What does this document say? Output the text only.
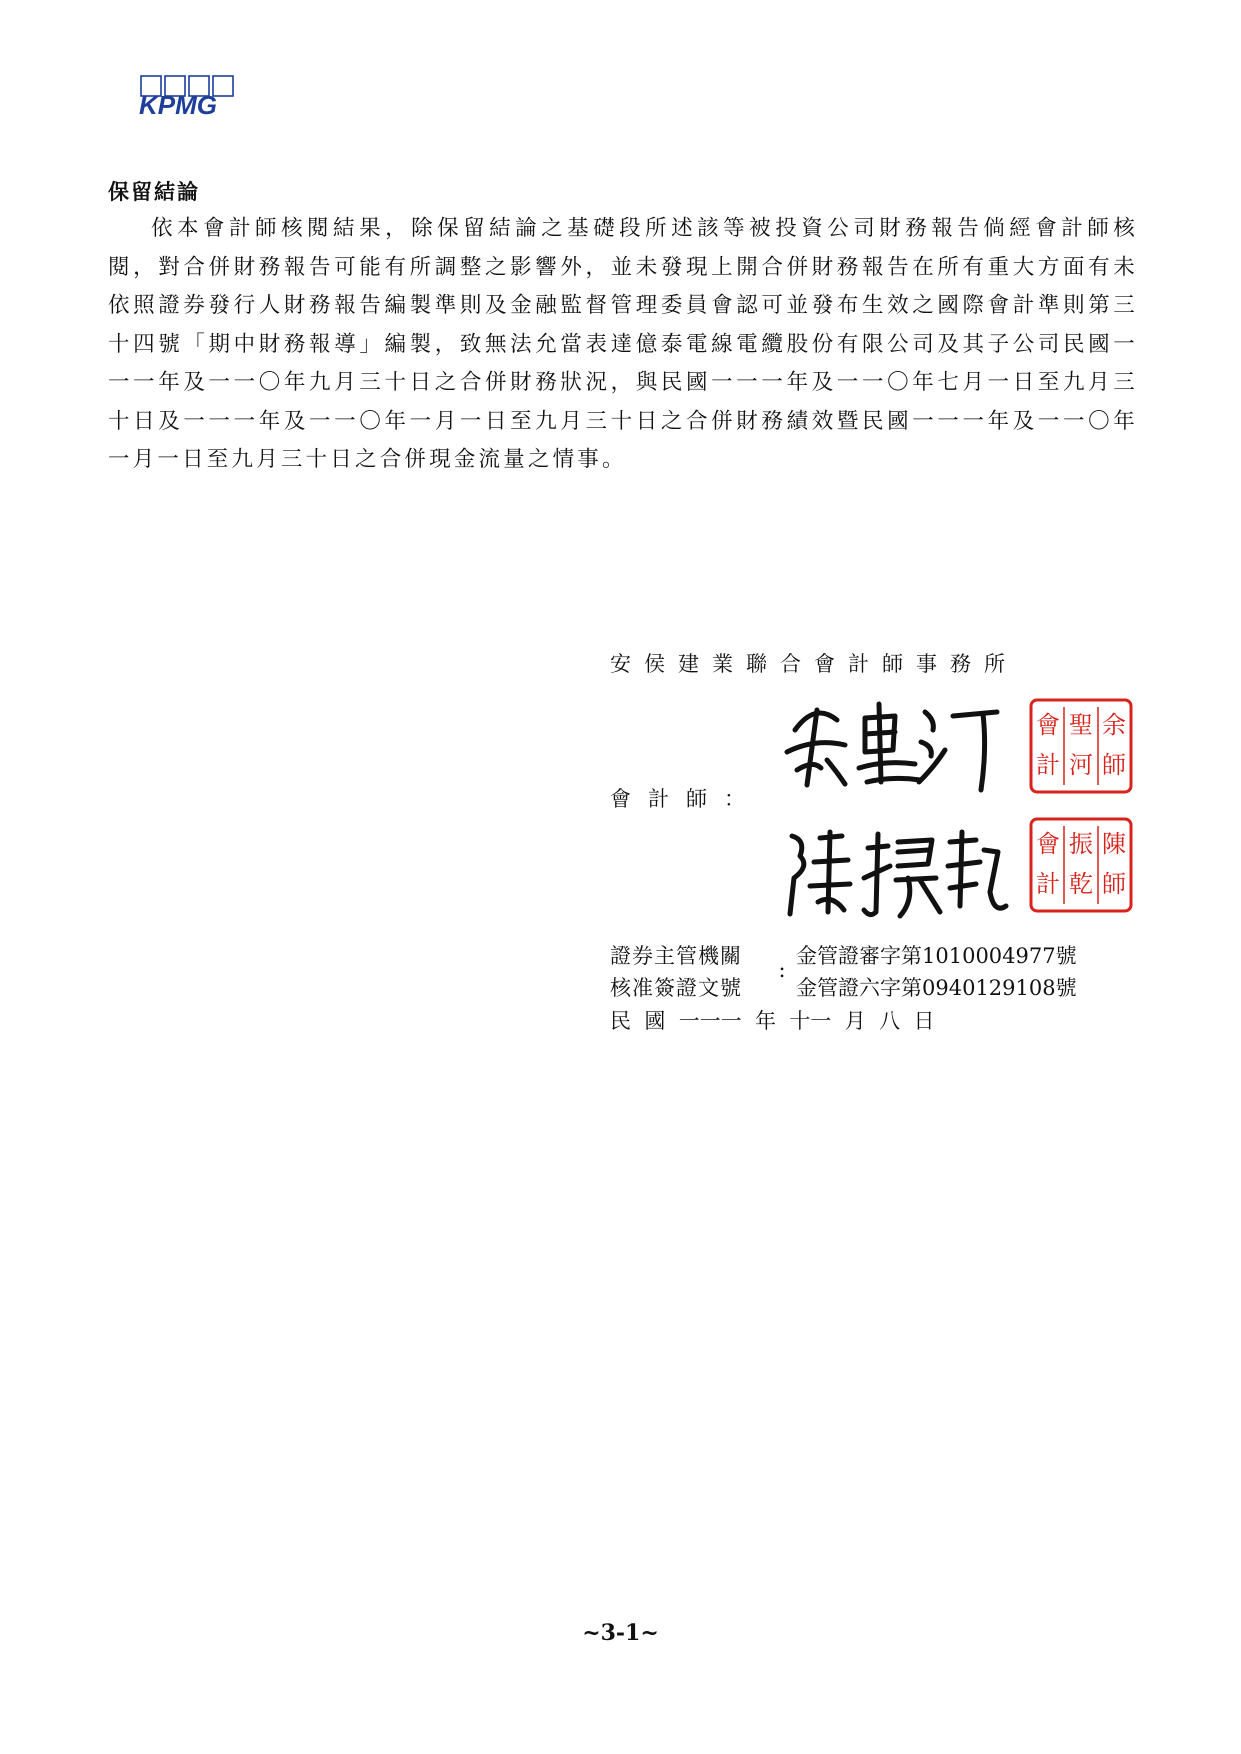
KPMG
保留結論

依本會計師核閱結果，除保留結論之基礎段所述該等被投資公司財務報告倘經會計師核閱，對合併財務報告可能有所調整之影響外，並未發現上開合併財務報告在所有重大方面有未依照證券發行人財務報告編製準則及金融監督管理委員會認可並發布生效之國際會計準則第三十四號「期中財務報導」編製，致無法允當表達億泰電線電纜股份有限公司及其子公司民國一一一年及一一〇年九月三十日之合併財務狀況，與民國一一一年及一一〇年七月一日至九月三十日及一一一年及一一〇年一月一日至九月三十日之合併財務績效暨民國一一一年及一一〇年一月一日至九月三十日之合併現金流量之情事。

安侯建業聯合會計師事務所

會計師：

余
聖
河
會
計 師
陳
振
乾
會
計 師
證券主管機關
:
金管證審字第1010004977號
核准簽證文號	金管證六字第0940129108號

民  國  一一一  年  十一  月  八  日

~3-1~
